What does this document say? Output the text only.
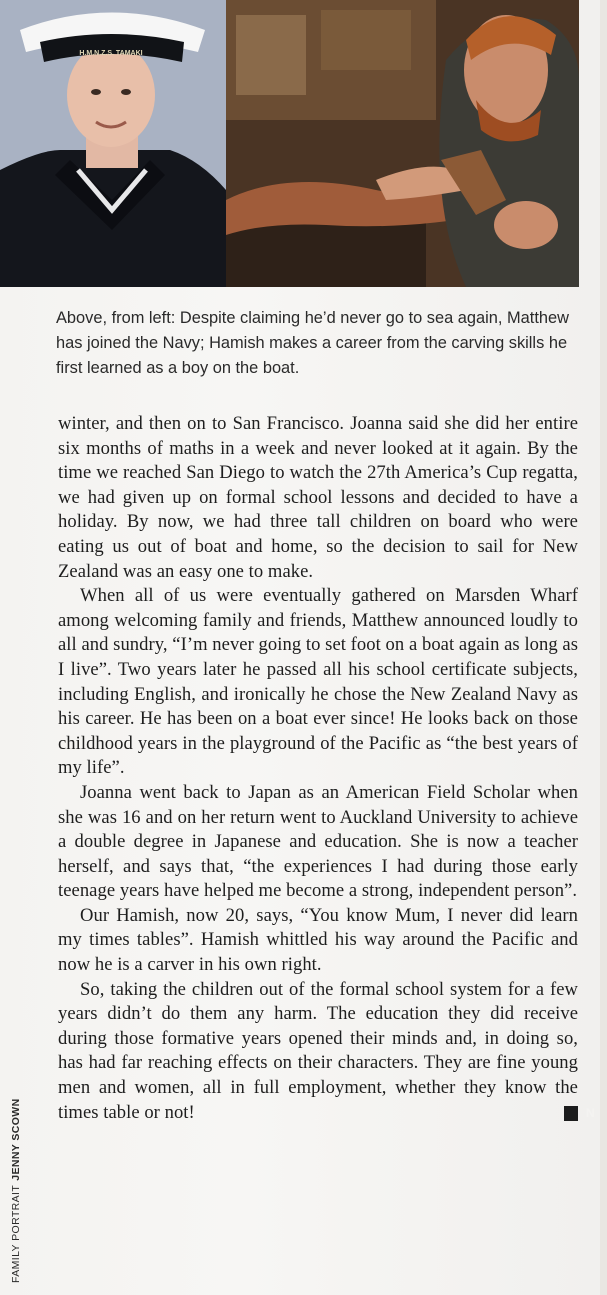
H.M.N.Z.S. TAMAKI
Above, from left: Despite claiming he’d never go to sea again, Matthew has joined the Navy; Hamish makes a career from the carving skills he first learned as a boy on the boat.

winter, and then on to San Francisco. Joanna said she did her entire six months of maths in a week and never looked at it again. By the time we reached San Diego to watch the 27th America’s Cup regatta, we had given up on formal school lessons and decided to have a holiday. By now, we had three tall children on board who were eating us out of boat and home, so the decision to sail for New Zealand was an easy one to make.

When all of us were eventually gathered on Marsden Wharf among welcoming family and friends, Matthew announced loudly to all and sundry, “I’m never going to set foot on a boat again as long as I live”. Two years later he passed all his school certificate subjects, including English, and ironically he chose the New Zealand Navy as his career. He has been on a boat ever since! He looks back on those childhood years in the playground of the Pacific as “the best years of my life”.

Joanna went back to Japan as an American Field Scholar when she was 16 and on her return went to Auckland University to achieve a double degree in Japanese and education. She is now a teacher herself, and says that, “the experiences I had during those early teenage years have helped me become a strong, independent person”.

Our Hamish, now 20, says, “You know Mum, I never did learn my times tables”. Hamish whittled his way around the Pacific and now he is a carver in his own right.

So, taking the children out of the formal school system for a few years didn’t do them any harm. The education they did receive during those formative years opened their minds and, in doing so, has had far reaching effects on their characters. They are fine young men and women, all in full employment, whether they know the times table or not!	N

FAMILY PORTRAITJENNY SCOWN
